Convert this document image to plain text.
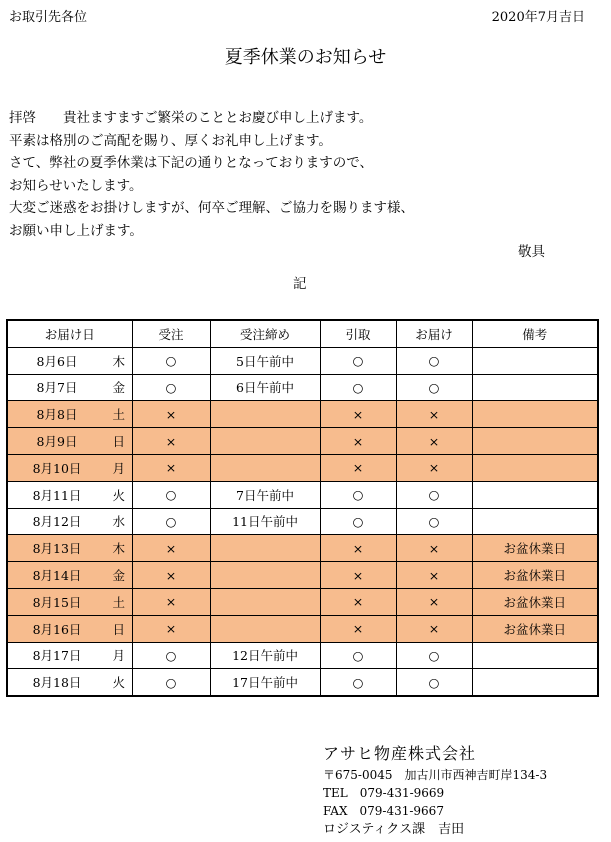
お取引先各位	2020年7月吉日
夏季休業のお知らせ
拝啓　　貴社ますますご繁栄のこととお慶び申し上げます。
平素は格別のご高配を賜り、厚くお礼申し上げます。
さて、弊社の夏季休業は下記の通りとなっておりますので、
お知らせいたします。
大変ご迷惑をお掛けしますが、何卒ご理解、ご協力を賜ります様、
お願い申し上げます。
敬具
記
お届け日		受注	受注締め	引取	お届け	備考
8月6日	木	○	5日午前中	○	○	
8月7日	金	○	6日午前中	○	○	
8月8日	土	×		×	×	
8月9日	日	×		×	×	
8月10日	月	×		×	×	
8月11日	火	○	7日午前中	○	○	
8月12日	水	○	11日午前中	○	○	
8月13日	木	×		×	×	お盆休業日
8月14日	金	×		×	×	お盆休業日
8月15日	土	×		×	×	お盆休業日
8月16日	日	×		×	×	お盆休業日
8月17日	月	○	12日午前中	○	○	
8月18日	火	○	17日午前中	○	○	
アサヒ物産株式会社
〒675-0045　加古川市西神吉町岸134-3
TEL　079-431-9669
FAX　079-431-9667
ロジスティクス課　吉田
